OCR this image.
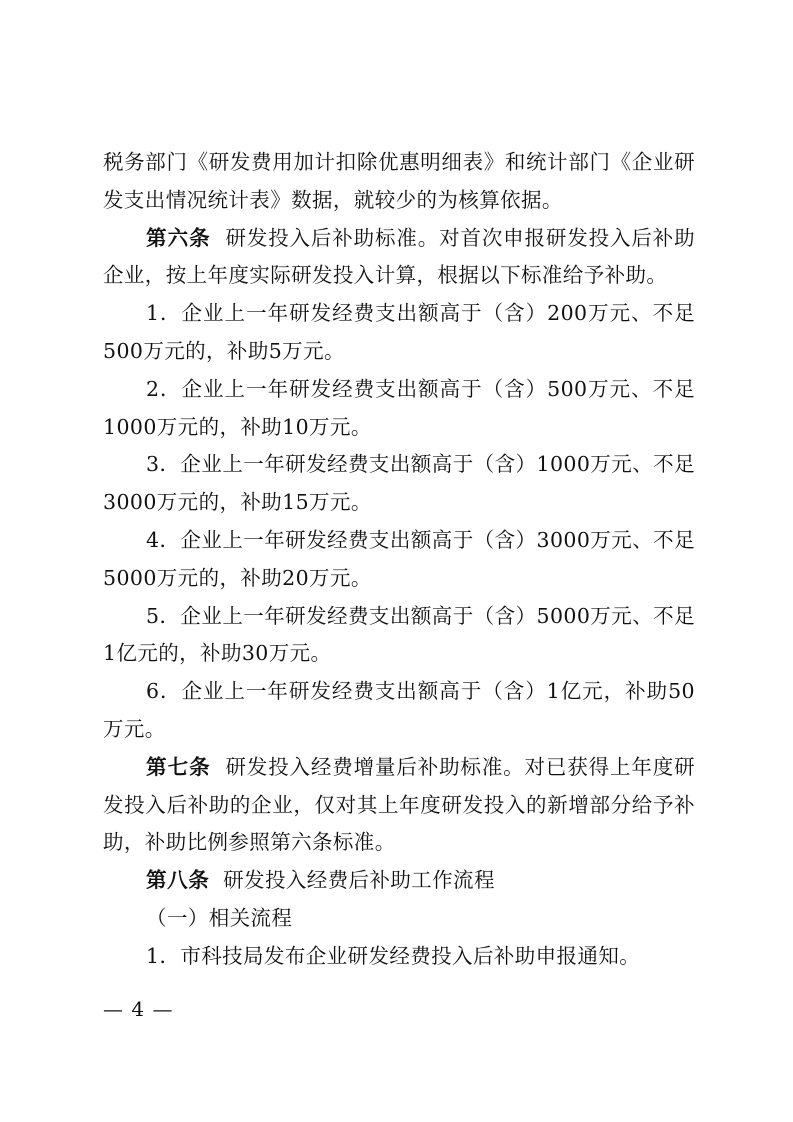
税务部门《研发费用加计扣除优惠明细表》和统计部门《企业研发支出情况统计表》数据，就较少的为核算依据。

第六条 研发投入后补助标准。对首次申报研发投入后补助企业，按上年度实际研发投入计算，根据以下标准给予补助。

1．企业上一年研发经费支出额高于（含）200万元、不足500万元的，补助5万元。

2．企业上一年研发经费支出额高于（含）500万元、不足1000万元的，补助10万元。

3．企业上一年研发经费支出额高于（含）1000万元、不足3000万元的，补助15万元。

4．企业上一年研发经费支出额高于（含）3000万元、不足5000万元的，补助20万元。

5．企业上一年研发经费支出额高于（含）5000万元、不足1亿元的，补助30万元。

6．企业上一年研发经费支出额高于（含）1亿元，补助50万元。

第七条 研发投入经费增量后补助标准。对已获得上年度研发投入后补助的企业，仅对其上年度研发投入的新增部分给予补助，补助比例参照第六条标准。

第八条 研发投入经费后补助工作流程

（一）相关流程

1．市科技局发布企业研发经费投入后补助申报通知。

— 4 —
